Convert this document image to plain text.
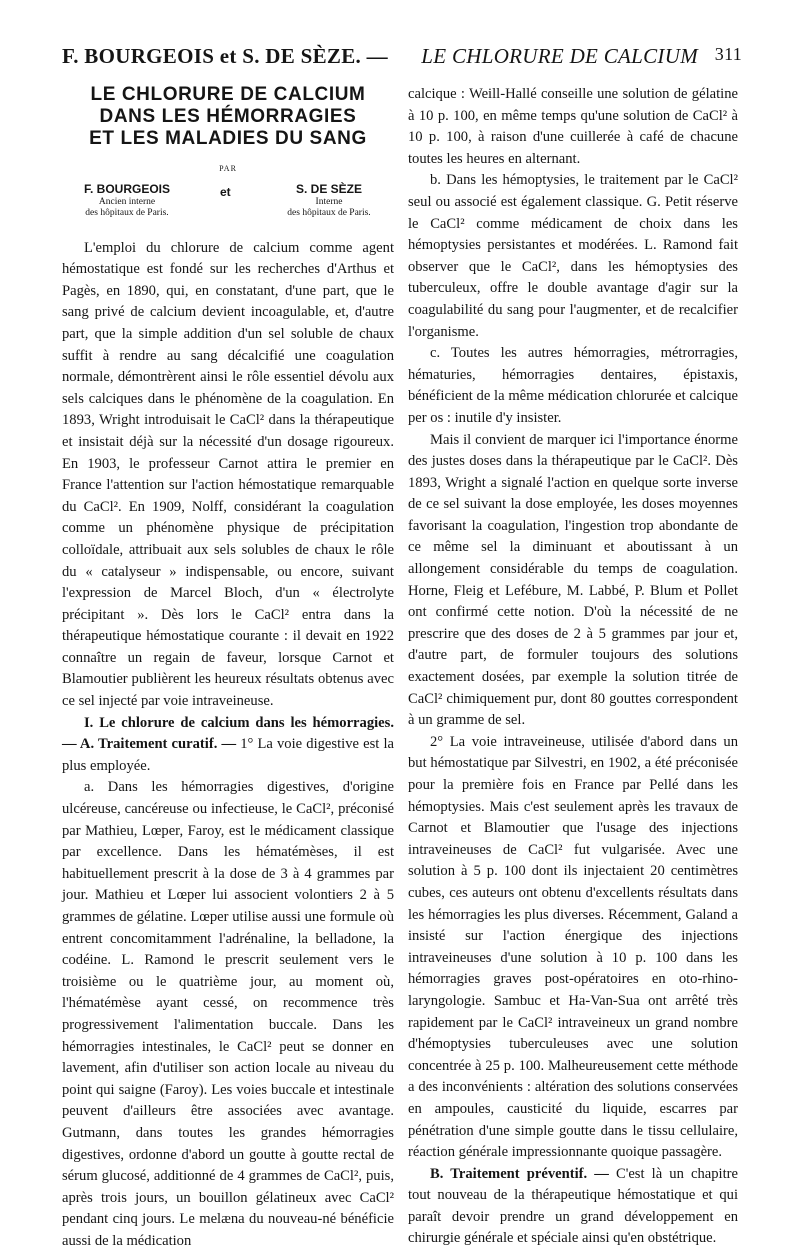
F. BOURGEOIS et S. DE SÈZE. — LE CHLORURE DE CALCIUM 311
LE CHLORURE DE CALCIUM
DANS LES HÉMORRAGIES
ET LES MALADIES DU SANG
PAR
F. BOURGEOIS
Ancien interne
des hôpitaux de Paris.
et	S. DE SÈZE
Interne
des hôpitaux de Paris.

L'emploi du chlorure de calcium comme agent hémostatique est fondé sur les recherches d'Arthus et Pagès, en 1890, qui, en constatant, d'une part, que le sang privé de calcium devient incoagulable, et, d'autre part, que la simple addition d'un sel soluble de chaux suffit à rendre au sang décalcifié une coagulation normale, démontrèrent ainsi le rôle essentiel dévolu aux sels calciques dans le phénomène de la coagulation. En 1893, Wright introduisait le CaCl² dans la thérapeutique et insistait déjà sur la nécessité d'un dosage rigoureux. En 1903, le professeur Carnot attira le premier en France l'attention sur l'action hémostatique remarquable du CaCl². En 1909, Nolff, considérant la coagulation comme un phénomène physique de précipitation colloïdale, attribuait aux sels solubles de chaux le rôle du « catalyseur » indispensable, ou encore, suivant l'expression de Marcel Bloch, d'un « électrolyte précipitant ». Dès lors le CaCl² entra dans la thérapeutique hémostatique courante : il devait en 1922 connaître un regain de faveur, lorsque Carnot et Blamoutier publièrent les heureux résultats obtenus avec ce sel injecté par voie intraveineuse.

I. Le chlorure de calcium dans les hémorragies. — A. Traitement curatif. — 1° La voie digestive est la plus employée.

a. Dans les hémorragies digestives, d'origine ulcéreuse, cancéreuse ou infectieuse, le CaCl², préconisé par Mathieu, Lœper, Faroy, est le médicament classique par excellence. Dans les hématémèses, il est habituellement prescrit à la dose de 3 à 4 grammes par jour. Mathieu et Lœper lui associent volontiers 2 à 5 grammes de gélatine. Lœper utilise aussi une formule où entrent concomitamment l'adrénaline, la belladone, la codéine. L. Ramond le prescrit seulement vers le troisième ou le quatrième jour, au moment où, l'hématémèse ayant cessé, on recommence très progressivement l'alimentation buccale. Dans les hémorragies intestinales, le CaCl² peut se donner en lavement, afin d'utiliser son action locale au niveau du point qui saigne (Faroy). Les voies buccale et intestinale peuvent d'ailleurs être associées avec avantage. Gutmann, dans toutes les grandes hémorragies digestives, ordonne d'abord un goutte à goutte rectal de sérum glucosé, additionné de 4 grammes de CaCl², puis, après trois jours, un bouillon gélatineux avec CaCl² pendant cinq jours. Le melæna du nouveau-né bénéficie aussi de la médication

calcique : Weill-Hallé conseille une solution de gélatine à 10 p. 100, en même temps qu'une solution de CaCl² à 10 p. 100, à raison d'une cuillerée à café de chacune toutes les heures en alternant.

b. Dans les hémoptysies, le traitement par le CaCl² seul ou associé est également classique. G. Petit réserve le CaCl² comme médicament de choix dans les hémoptysies persistantes et modérées. L. Ramond fait observer que le CaCl², dans les hémoptysies des tuberculeux, offre le double avantage d'agir sur la coagulabilité du sang pour l'augmenter, et de recalcifier l'organisme.

c. Toutes les autres hémorragies, métrorragies, hématuries, hémorragies dentaires, épistaxis, bénéficient de la même médication chlorurée et calcique per os : inutile d'y insister.

Mais il convient de marquer ici l'importance énorme des justes doses dans la thérapeutique par le CaCl². Dès 1893, Wright a signalé l'action en quelque sorte inverse de ce sel suivant la dose employée, les doses moyennes favorisant la coagulation, l'ingestion trop abondante de ce même sel la diminuant et aboutissant à un allongement considérable du temps de coagulation. Horne, Fleig et Lefébure, M. Labbé, P. Blum et Pollet ont confirmé cette notion. D'où la nécessité de ne prescrire que des doses de 2 à 5 grammes par jour et, d'autre part, de formuler toujours des solutions exactement dosées, par exemple la solution titrée de CaCl² chimiquement pur, dont 80 gouttes correspondent à un gramme de sel.

2° La voie intraveineuse, utilisée d'abord dans un but hémostatique par Silvestri, en 1902, a été préconisée pour la première fois en France par Pellé dans les hémoptysies. Mais c'est seulement après les travaux de Carnot et Blamoutier que l'usage des injections intraveineuses de CaCl² fut vulgarisée. Avec une solution à 5 p. 100 dont ils injectaient 20 centimètres cubes, ces auteurs ont obtenu d'excellents résultats dans les hémorragies les plus diverses. Récemment, Galand a insisté sur l'action énergique des injections intraveineuses d'une solution à 10 p. 100 dans les hémorragies graves post-opératoires en oto-rhino-laryngologie. Sambuc et Ha-Van-Sua ont arrêté très rapidement par le CaCl² intraveineux un grand nombre d'hémoptysies tuberculeuses avec une solution concentrée à 25 p. 100. Malheureusement cette méthode a des inconvénients : altération des solutions conservées en ampoules, causticité du liquide, escarres par pénétration d'une simple goutte dans le tissu cellulaire, réaction générale impressionnante quoique passagère.

B. Traitement préventif. — C'est là un chapitre tout nouveau de la thérapeutique hémostatique et qui paraît devoir prendre un grand développement en chirurgie générale et spéciale ainsi qu'en obstétrique.
